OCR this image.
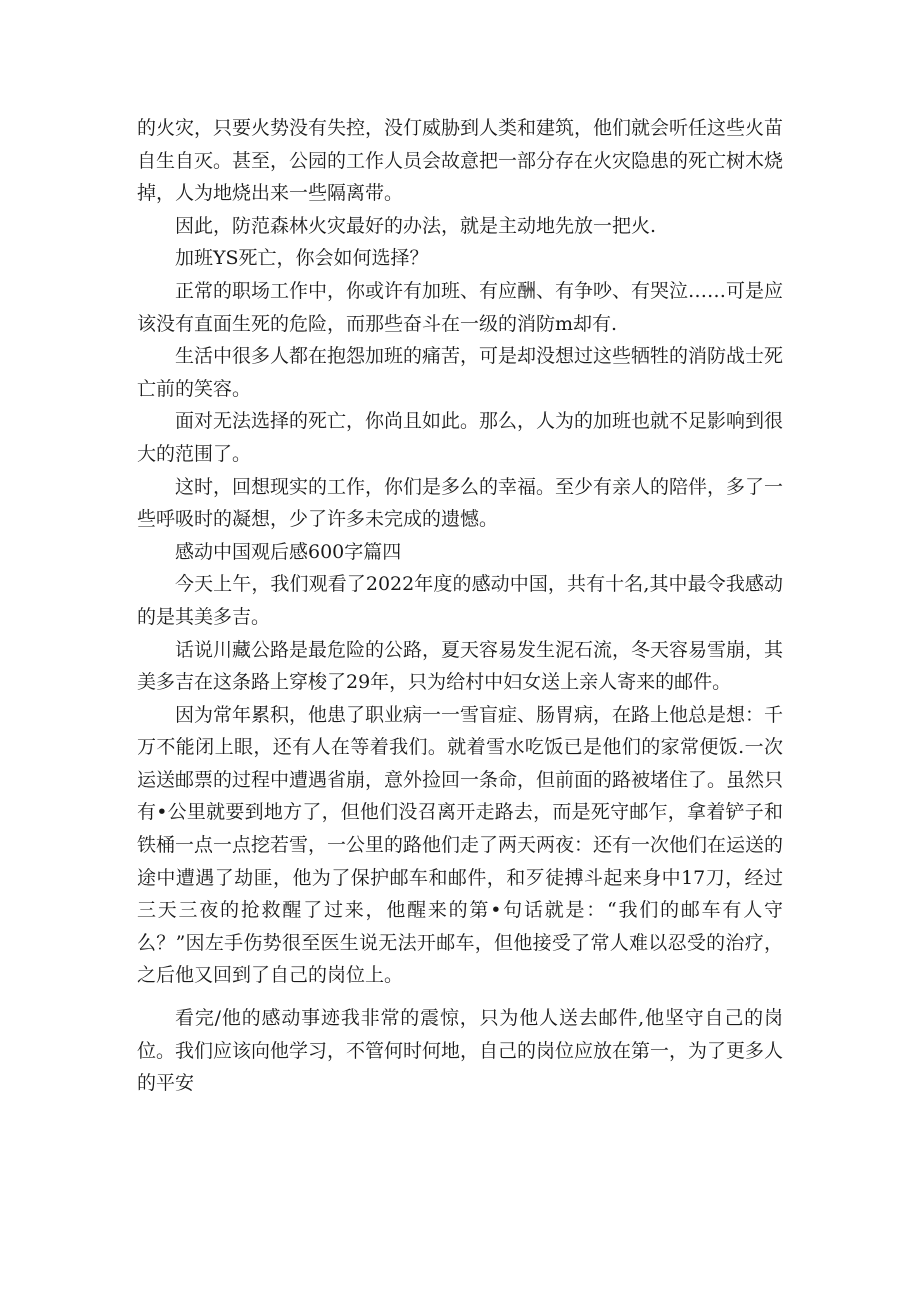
的火灾，只要火势没有失控，没仃威胁到人类和建筑，他们就会听任这些火苗自生自灭。甚至，公园的工作人员会故意把一部分存在火灾隐患的死亡树木烧掉，人为地烧出来一些隔离带。

因此，防范森林火灾最好的办法，就是主动地先放一把火.

加班YS死亡，你会如何选择？

正常的职场工作中，你或许有加班、有应酬、有争吵、有哭泣……可是应该没有直面生死的危险，而那些奋斗在一级的消防m却有.

生活中很多人都在抱怨加班的痛苦，可是却没想过这些牺牲的消防战士死亡前的笑容。

面对无法选择的死亡，你尚且如此。那么，人为的加班也就不足影响到很大的范围了。

这时，回想现实的工作，你们是多么的幸福。至少有亲人的陪伴，多了一些呼吸时的凝想，少了许多未完成的遗憾。

感动中国观后感600字篇四

今天上午，我们观看了2022年度的感动中国，共有十名,其中最令我感动的是其美多吉。

话说川藏公路是最危险的公路，夏天容易发生泥石流，冬天容易雪崩，其美多吉在这条路上穿梭了29年，只为给村中妇女送上亲人寄来的邮件。

因为常年累积，他患了职业病一一雪盲症、肠胃病，在路上他总是想：千万不能闭上眼，还有人在等着我们。就着雪水吃饭已是他们的家常便饭.一次运送邮票的过程中遭遇省崩，意外捡回一条命，但前面的路被堵住了。虽然只有•公里就要到地方了，但他们没召离开走路去，而是死守邮乍，拿着铲子和铁桶一点一点挖若雪，一公里的路他们走了两天两夜：还有一次他们在运送的途中遭遇了劫匪，他为了保护邮车和邮件，和歹徒搏斗起来身中17刀，经过三天三夜的抢救醒了过来，他醒来的第•句话就是：“我们的邮车有人守么？”因左手伤势很至医生说无法开邮车，但他接受了常人难以忍受的治疗，之后他又回到了自己的岗位上。

看完/他的感动事迹我非常的震惊，只为他人送去邮件,他坚守自己的岗位。我们应该向他学习，不管何时何地，自己的岗位应放在第一，为了更多人的平安
